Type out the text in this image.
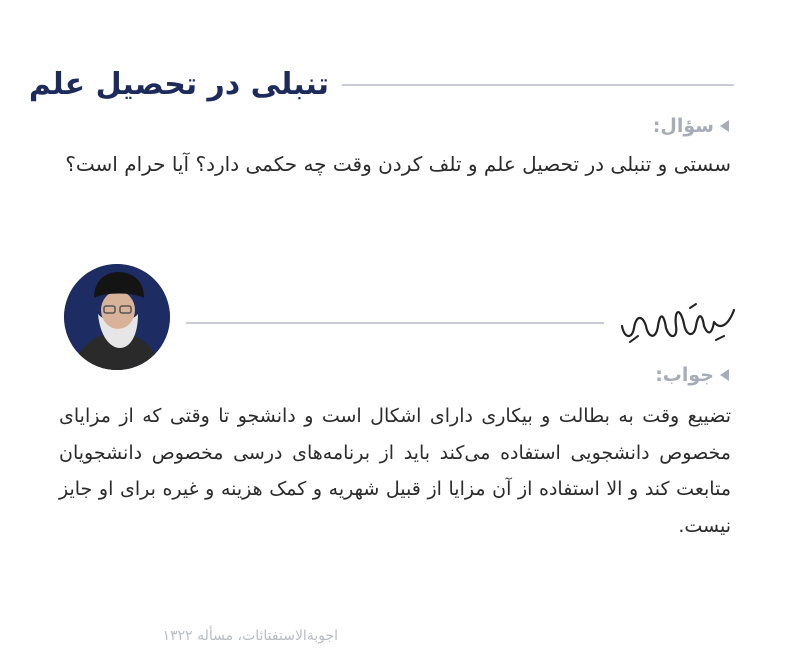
تنبلی در تحصیل علم
سؤال:
سستی و تنبلی در تحصیل علم و تلف کردن وقت چه حکمی دارد؟ آیا حرام است؟
جواب:
تضییع وقت به بطالت و بیکاری دارای اشکال است و دانشجو تا وقتی که از مزایای مخصوص دانشجویی استفاده می‌کند باید از برنامه‌های درسی مخصوص دانشجویان متابعت کند و الا استفاده از آن مزایا از قبیل شهریه و کمک هزینه و غیره برای او جایز نیست.
اجوبة‌الاستفتائات، مسأله ۱۳۲۲
